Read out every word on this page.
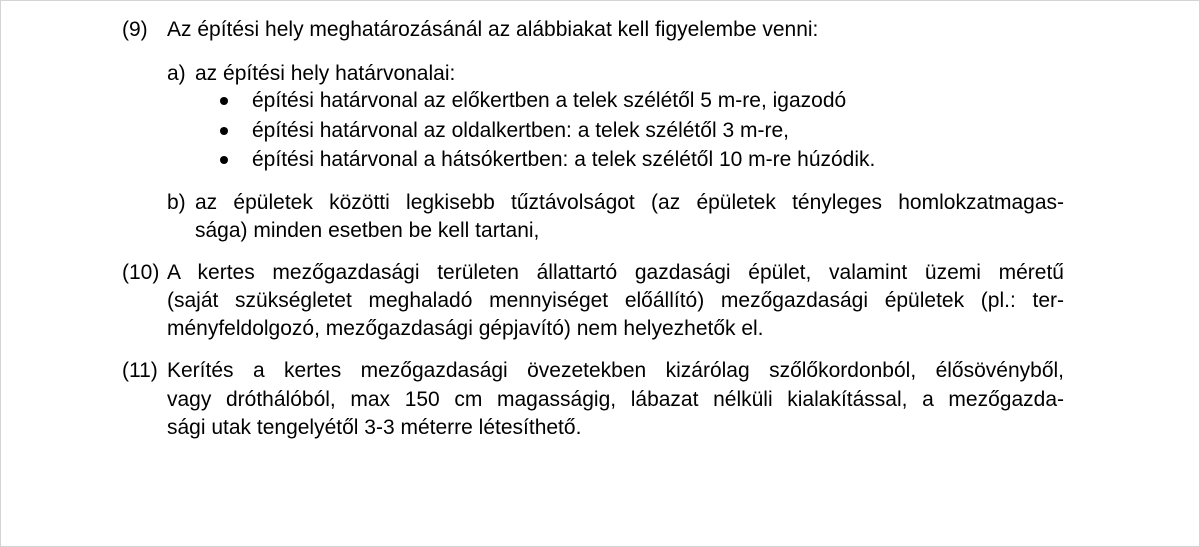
(9) Az építési hely meghatározásánál az alábbiakat kell figyelembe venni:
a) az építési hely határvonalai:
építési határvonal az előkertben a telek szélétől 5 m-re, igazodó
építési határvonal az oldalkertben: a telek szélétől 3 m-re,
építési határvonal a hátsókertben: a telek szélétől 10 m-re húzódik.
b) az épületek közötti legkisebb tűztávolságot (az épületek tényleges homlokzatmagas-
sága) minden esetben be kell tartani,
(10) A kertes mezőgazdasági területen állattartó gazdasági épület, valamint üzemi méretű
(saját szükségletet meghaladó mennyiséget előállító) mezőgazdasági épületek (pl.: ter-
ményfeldolgozó, mezőgazdasági gépjavító) nem helyezhetők el.
(11) Kerítés a kertes mezőgazdasági övezetekben kizárólag szőlőkordonból, élősövényből,
vagy dróthálóból, max 150 cm magasságig, lábazat nélküli kialakítással, a mezőgazda-
sági utak tengelyétől 3-3 méterre létesíthető.
